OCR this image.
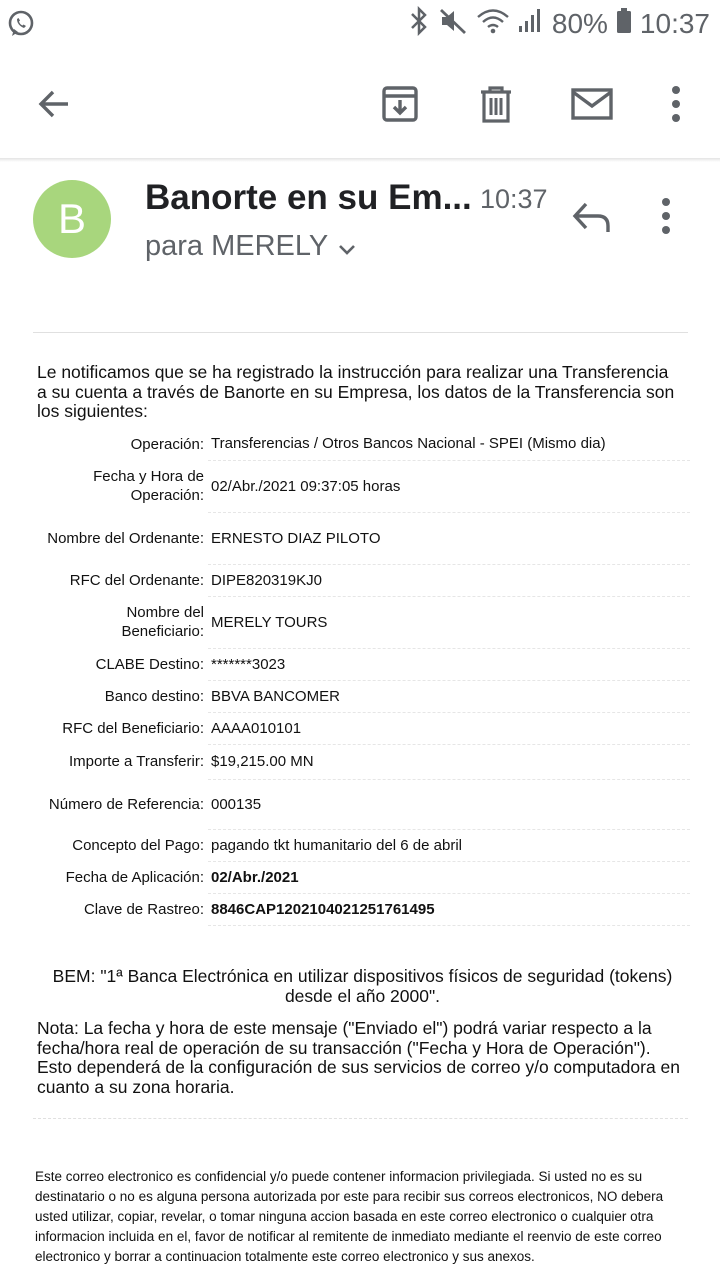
80% 10:37
B	Banorte en su Em... 10:37
para MERELY
Le notificamos que se ha registrado la instrucción para realizar una Transferencia a su cuenta a través de Banorte en su Empresa, los datos de la Transferencia son los siguientes:
Operación:	Transferencias / Otros Bancos Nacional - SPEI (Mismo dia)
Fecha y Hora de Operación:	02/Abr./2021 09:37:05 horas
Nombre del Ordenante:	ERNESTO DIAZ PILOTO
RFC del Ordenante:	DIPE820319KJ0
Nombre del Beneficiario:	MERELY TOURS
CLABE Destino:	*******3023
Banco destino:	BBVA BANCOMER
RFC del Beneficiario:	AAAA010101
Importe a Transferir:	$19,215.00 MN
Número de Referencia:	000135
Concepto del Pago:	pagando tkt humanitario del 6 de abril
Fecha de Aplicación:	02/Abr./2021
Clave de Rastreo:	8846CAP1202104021251761495
BEM: "1ª Banca Electrónica en utilizar dispositivos físicos de seguridad (tokens) desde el año 2000".
Nota: La fecha y hora de este mensaje ("Enviado el") podrá variar respecto a la fecha/hora real de operación de su transacción ("Fecha y Hora de Operación"). Esto dependerá de la configuración de sus servicios de correo y/o computadora en cuanto a su zona horaria.
Este correo electronico es confidencial y/o puede contener informacion privilegiada. Si usted no es su destinatario o no es alguna persona autorizada por este para recibir sus correos electronicos, NO debera usted utilizar, copiar, revelar, o tomar ninguna accion basada en este correo electronico o cualquier otra informacion incluida en el, favor de notificar al remitente de inmediato mediante el reenvio de este correo electronico y borrar a continuacion totalmente este correo electronico y sus anexos.
